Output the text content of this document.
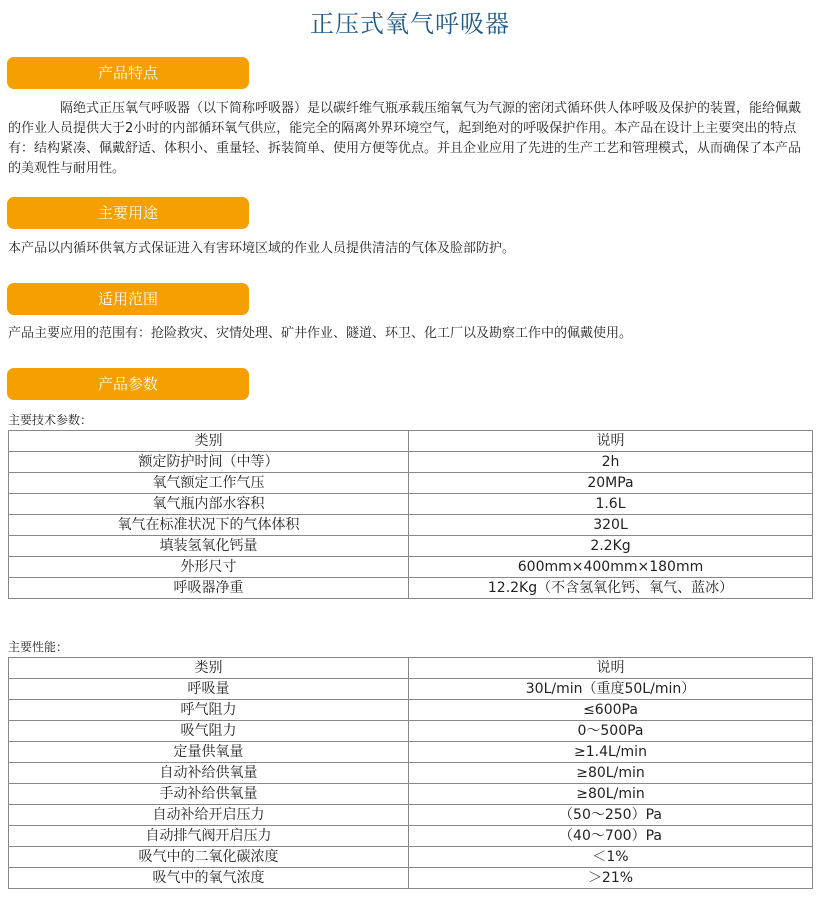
正压式氧气呼吸器
产品特点

隔绝式正压氧气呼吸器（以下简称呼吸器）是以碳纤维气瓶承载压缩氧气为气源的密闭式循环供人体呼吸及保护的装置，能给佩戴的作业人员提供大于2小时的内部循环氧气供应，能完全的隔离外界环境空气，起到绝对的呼吸保护作用。本产品在设计上主要突出的特点有：结构紧凑、佩戴舒适、体积小、重量轻、拆装简单、使用方便等优点。并且企业应用了先进的生产工艺和管理模式，从而确保了本产品的美观性与耐用性。

主要用途

本产品以内循环供氧方式保证进入有害环境区域的作业人员提供清洁的气体及脸部防护。

适用范围

产品主要应用的范围有：抢险救灾、灾情处理、矿井作业、隧道、环卫、化工厂以及勘察工作中的佩戴使用。

产品参数

主要技术参数：

类别	说明
额定防护时间（中等）	2h
氧气额定工作气压	20MPa
氧气瓶内部水容积	1.6L
氧气在标准状况下的气体体积	320L
填装氢氧化钙量	2.2Kg
外形尺寸	600mm×400mm×180mm
呼吸器净重	12.2Kg（不含氢氧化钙、氧气、蓝冰）

主要性能：

类别	说明
呼吸量	30L/min（重度50L/min）
呼气阻力	≤600Pa
吸气阻力	0～500Pa
定量供氧量	≥1.4L/min
自动补给供氧量	≥80L/min
手动补给供氧量	≥80L/min
自动补给开启压力	（50～250）Pa
自动排气阀开启压力	（40～700）Pa
吸气中的二氧化碳浓度	＜1%
吸气中的氧气浓度	＞21%
